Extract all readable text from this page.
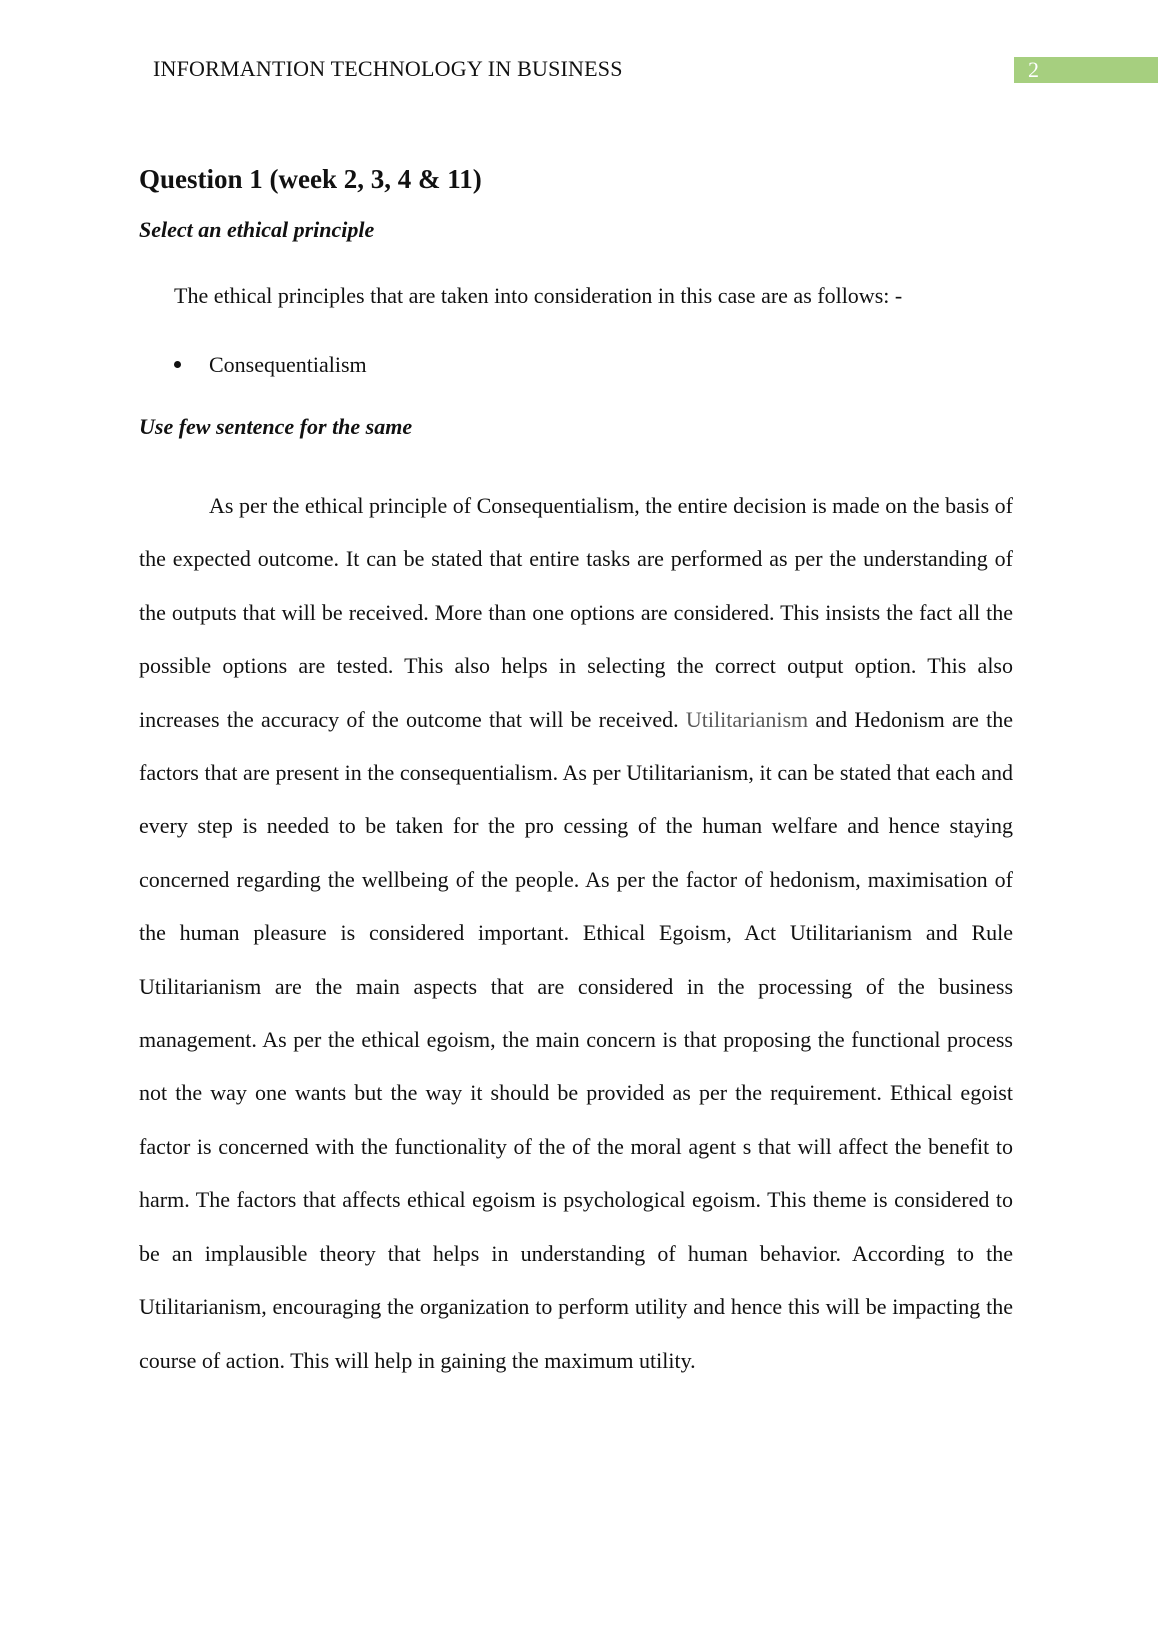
INFORMANTION TECHNOLOGY IN BUSINESS	2
Question 1 (week 2, 3, 4 & 11)
Select an ethical principle

The ethical principles that are taken into consideration in this case are as follows: -

Consequentialism
Use few sentence for the same

As per the ethical principle of Consequentialism, the entire decision is made on the basis of the expected outcome. It can be stated that entire tasks are performed as per the understanding of the outputs that will be received. More than one options are considered. This insists the fact all the possible options are tested. This also helps in selecting the correct output option. This also increases the accuracy of the outcome that will be received. Utilitarianism and Hedonism are the factors that are present in the consequentialism. As per Utilitarianism, it can be stated that each and every step is needed to be taken for the pro cessing of the human welfare and hence staying concerned regarding the wellbeing of the people. As per the factor of hedonism, maximisation of the human pleasure is considered important. Ethical Egoism, Act Utilitarianism and Rule Utilitarianism are the main aspects that are considered in the processing of the business management. As per the ethical egoism, the main concern is that proposing the functional process not the way one wants but the way it should be provided as per the requirement. Ethical egoist factor is concerned with the functionality of the of the moral agent s that will affect the benefit to harm. The factors that affects ethical egoism is psychological egoism. This theme is considered to be an implausible theory that helps in understanding of human behavior. According to the Utilitarianism, encouraging the organization to perform utility and hence this will be impacting the course of action. This will help in gaining the maximum utility.
